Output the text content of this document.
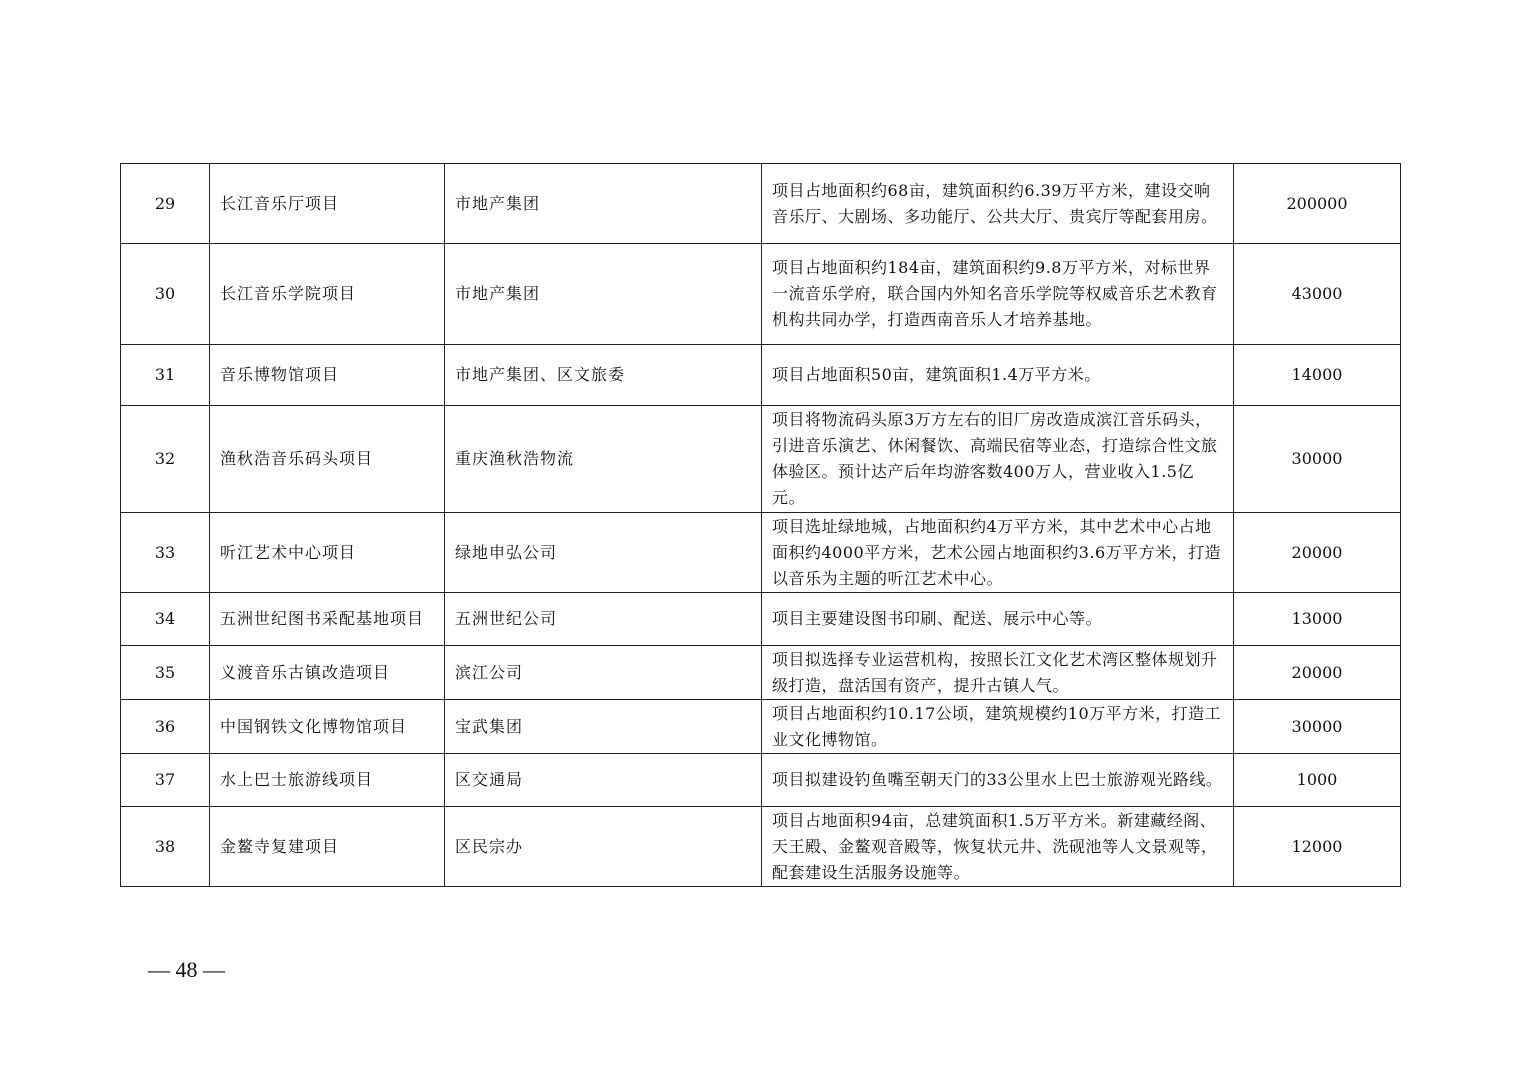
29	长江音乐厅项目	市地产集团	项目占地面积约68亩，建筑面积约6.39万平方米，建设交响音乐厅、大剧场、多功能厅、公共大厅、贵宾厅等配套用房。	200000
30	长江音乐学院项目	市地产集团	项目占地面积约184亩，建筑面积约9.8万平方米，对标世界一流音乐学府，联合国内外知名音乐学院等权威音乐艺术教育机构共同办学，打造西南音乐人才培养基地。	43000
31	音乐博物馆项目	市地产集团、区文旅委	项目占地面积50亩，建筑面积1.4万平方米。	14000
32	渔秋浩音乐码头项目	重庆渔秋浩物流	项目将物流码头原3万方左右的旧厂房改造成滨江音乐码头，引进音乐演艺、休闲餐饮、高端民宿等业态，打造综合性文旅体验区。预计达产后年均游客数400万人，营业收入1.5亿元。	30000
33	听江艺术中心项目	绿地申弘公司	项目选址绿地城，占地面积约4万平方米，其中艺术中心占地面积约4000平方米，艺术公园占地面积约3.6万平方米，打造以音乐为主题的听江艺术中心。	20000
34	五洲世纪图书采配基地项目	五洲世纪公司	项目主要建设图书印刷、配送、展示中心等。	13000
35	义渡音乐古镇改造项目	滨江公司	项目拟选择专业运营机构，按照长江文化艺术湾区整体规划升级打造，盘活国有资产，提升古镇人气。	20000
36	中国钢铁文化博物馆项目	宝武集团	项目占地面积约10.17公顷，建筑规模约10万平方米，打造工业文化博物馆。	30000
37	水上巴士旅游线项目	区交通局	项目拟建设钓鱼嘴至朝天门的33公里水上巴士旅游观光路线。	1000
38	金鳌寺复建项目	区民宗办	项目占地面积94亩，总建筑面积1.5万平方米。新建藏经阁、天王殿、金鳌观音殿等，恢复状元井、洗砚池等人文景观等，配套建设生活服务设施等。	12000
— 48 —
